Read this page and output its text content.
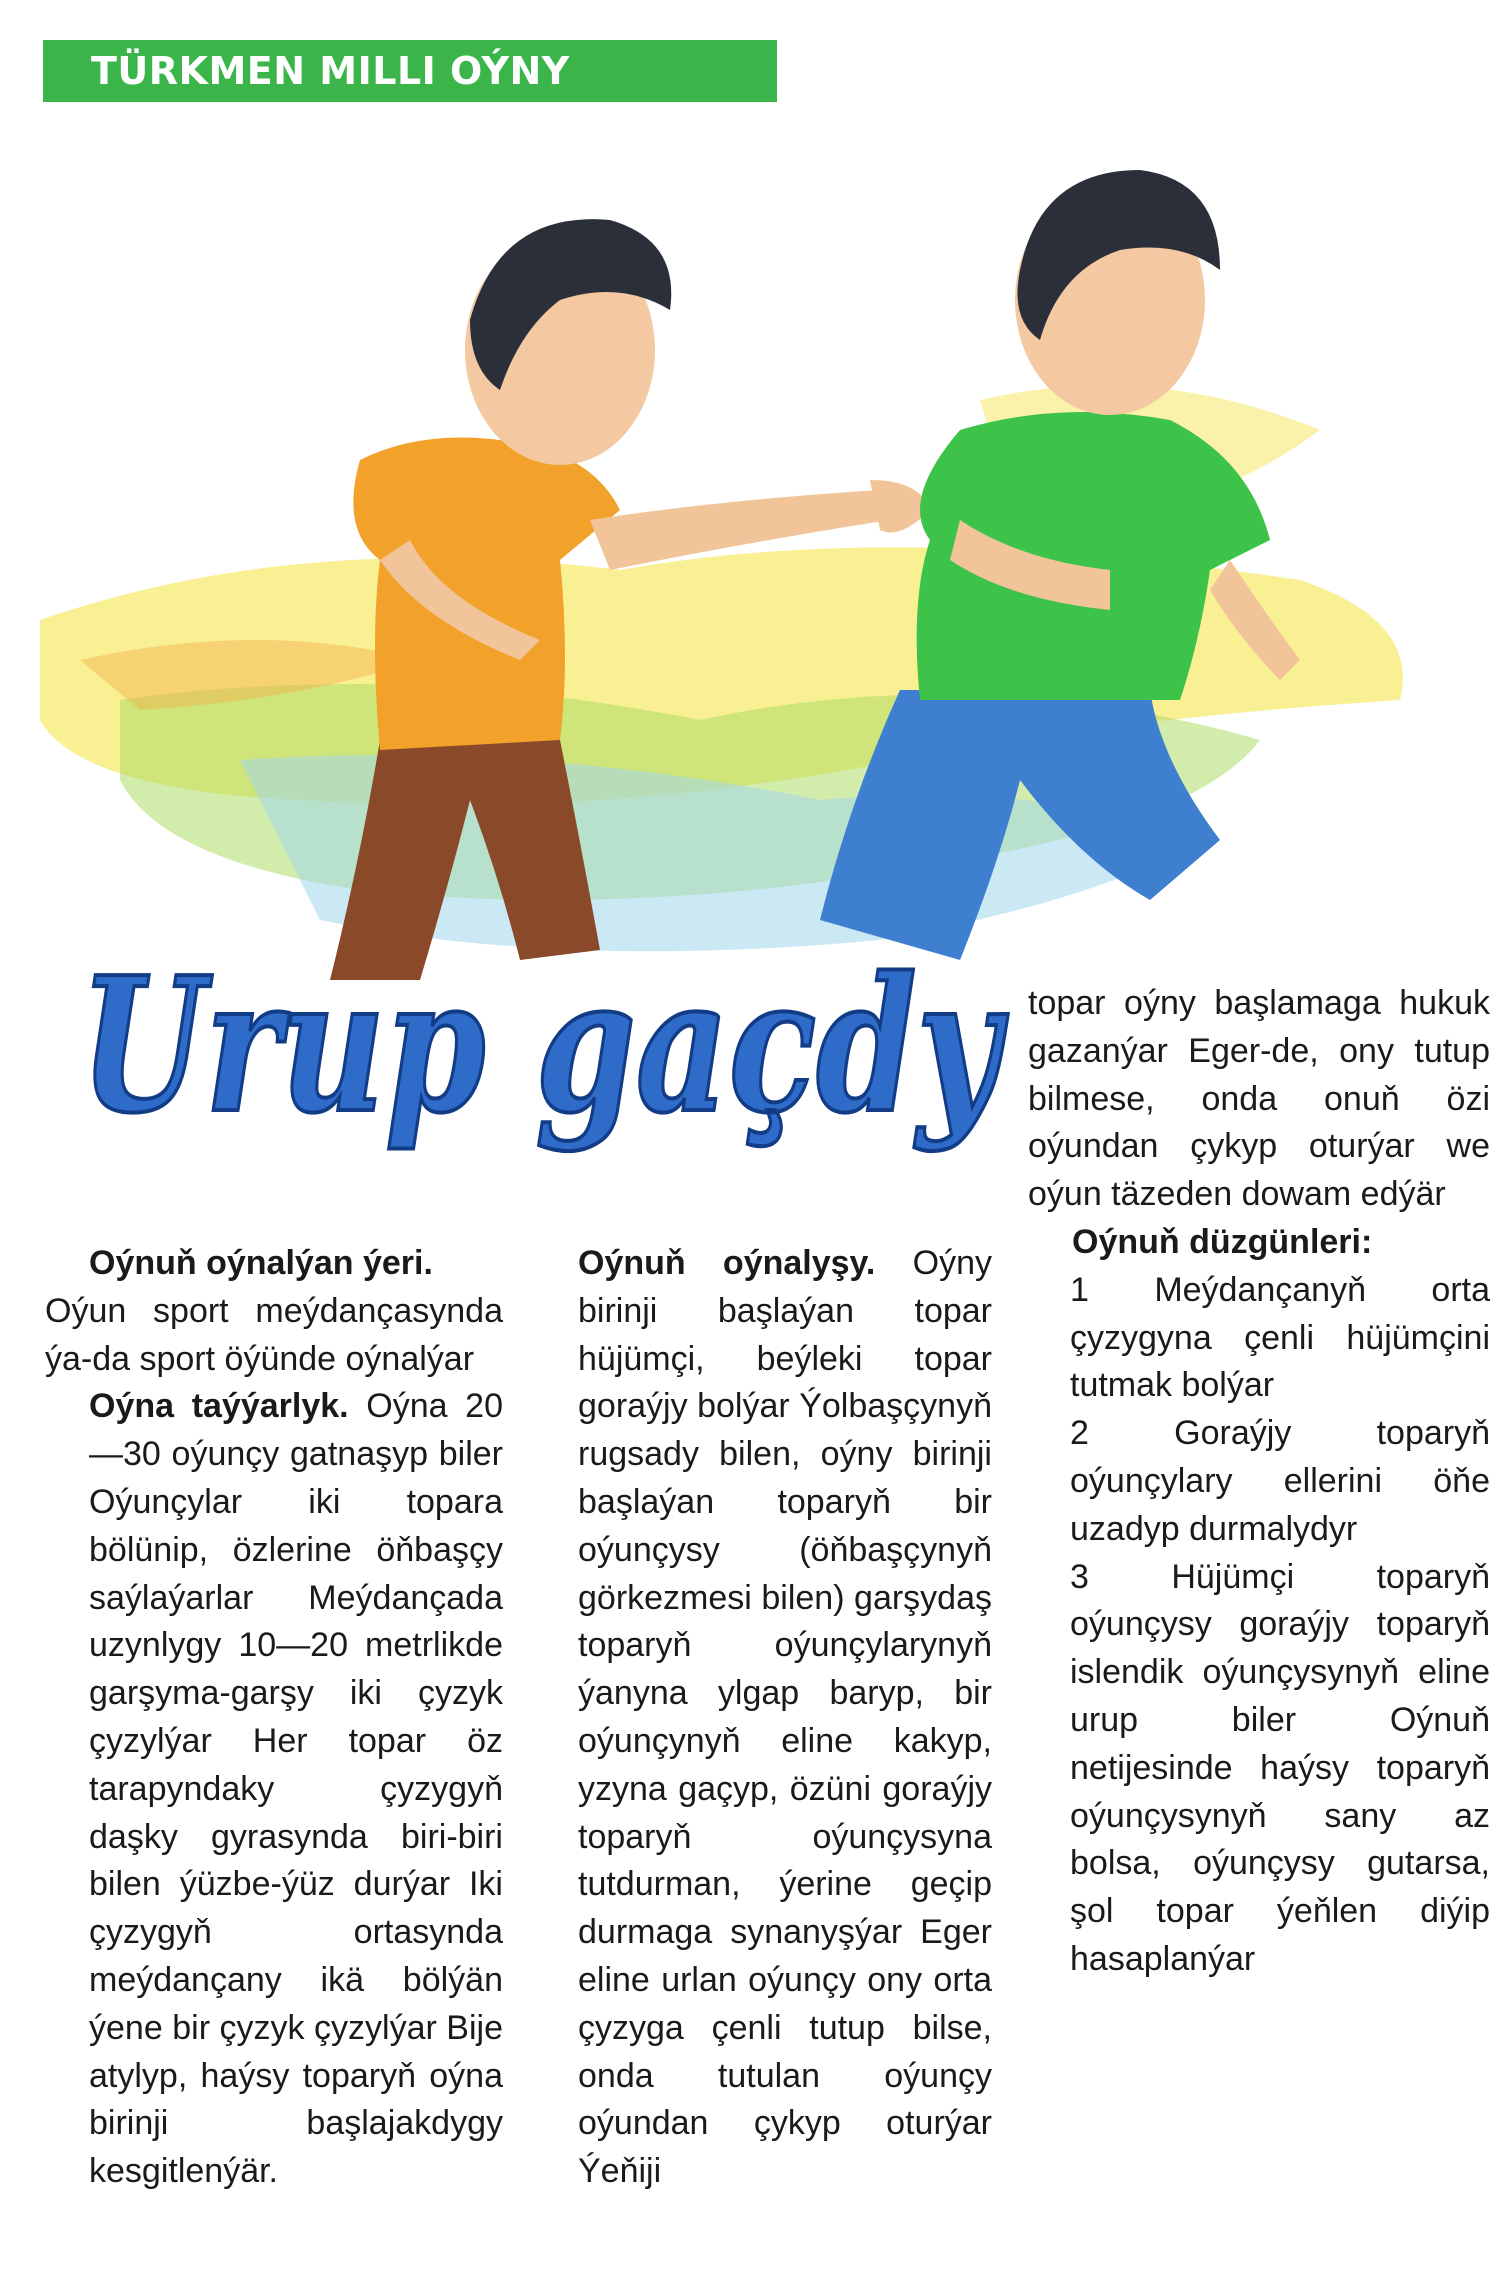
TÜRKMEN MILLI OÝNY
Urup gaçdy

Oýnuň oýnalýan ýeri.

Oýun sport meýdançasynda ýa-da sport öýünde oýnalýar

Oýna taýýarlyk. Oýna 20—30 oýunçy gatnaşyp biler Oýunçylar iki topara bölünip, özlerine öňbaşçy saýlaýarlar Meýdançada uzynlygy 10—20 metrlikde garşyma-garşy iki çyzyk çyzylýar Her topar öz tarapyndaky çyzygyň daşky gyrasynda biri-biri bilen ýüzbe-ýüz durýar Iki çyzygyň ortasynda meýdançany ikä bölýän ýene bir çyzyk çyzylýar Bije atylyp, haýsy toparyň oýna birinji başlajakdygy kesgitlenýär.

Oýnuň oýnalyşy. Oýny birinji başlaýan topar hüjümçi, beýleki topar goraýjy bolýar Ýolbaşçynyň rugsady bilen, oýny birinji başlaýan toparyň bir oýunçysy (öňbaşçynyň görkezmesi bilen) garşydaş toparyň oýunçylarynyň ýanyna ylgap baryp, bir oýunçynyň eline kakyp, yzyna gaçyp, özüni goraýjy toparyň oýunçysyna tutdurman, ýerine geçip durmaga synanyşýar Eger eline urlan oýunçy ony orta çyzyga çenli tutup bilse, onda tutulan oýunçy oýundan çykyp oturýar Ýeňiji

topar oýny başlamaga hukuk gazanýar Eger-de, ony tutup bilmese, onda onuň özi oýundan çykyp oturýar we oýun täzeden dowam edýär

Oýnuň düzgünleri:

1 Meýdançanyň orta çyzygyna çenli hüjümçini tutmak bolýar

2 Goraýjy toparyň oýunçylary ellerini öňe uzadyp durmalydyr

3 Hüjümçi toparyň oýunçysy goraýjy toparyň islendik oýunçysynyň eline urup biler Oýnuň netijesinde haýsy toparyň oýunçysynyň sany az bolsa, oýunçysy gutarsa, şol topar ýeňlen diýip hasaplanýar
